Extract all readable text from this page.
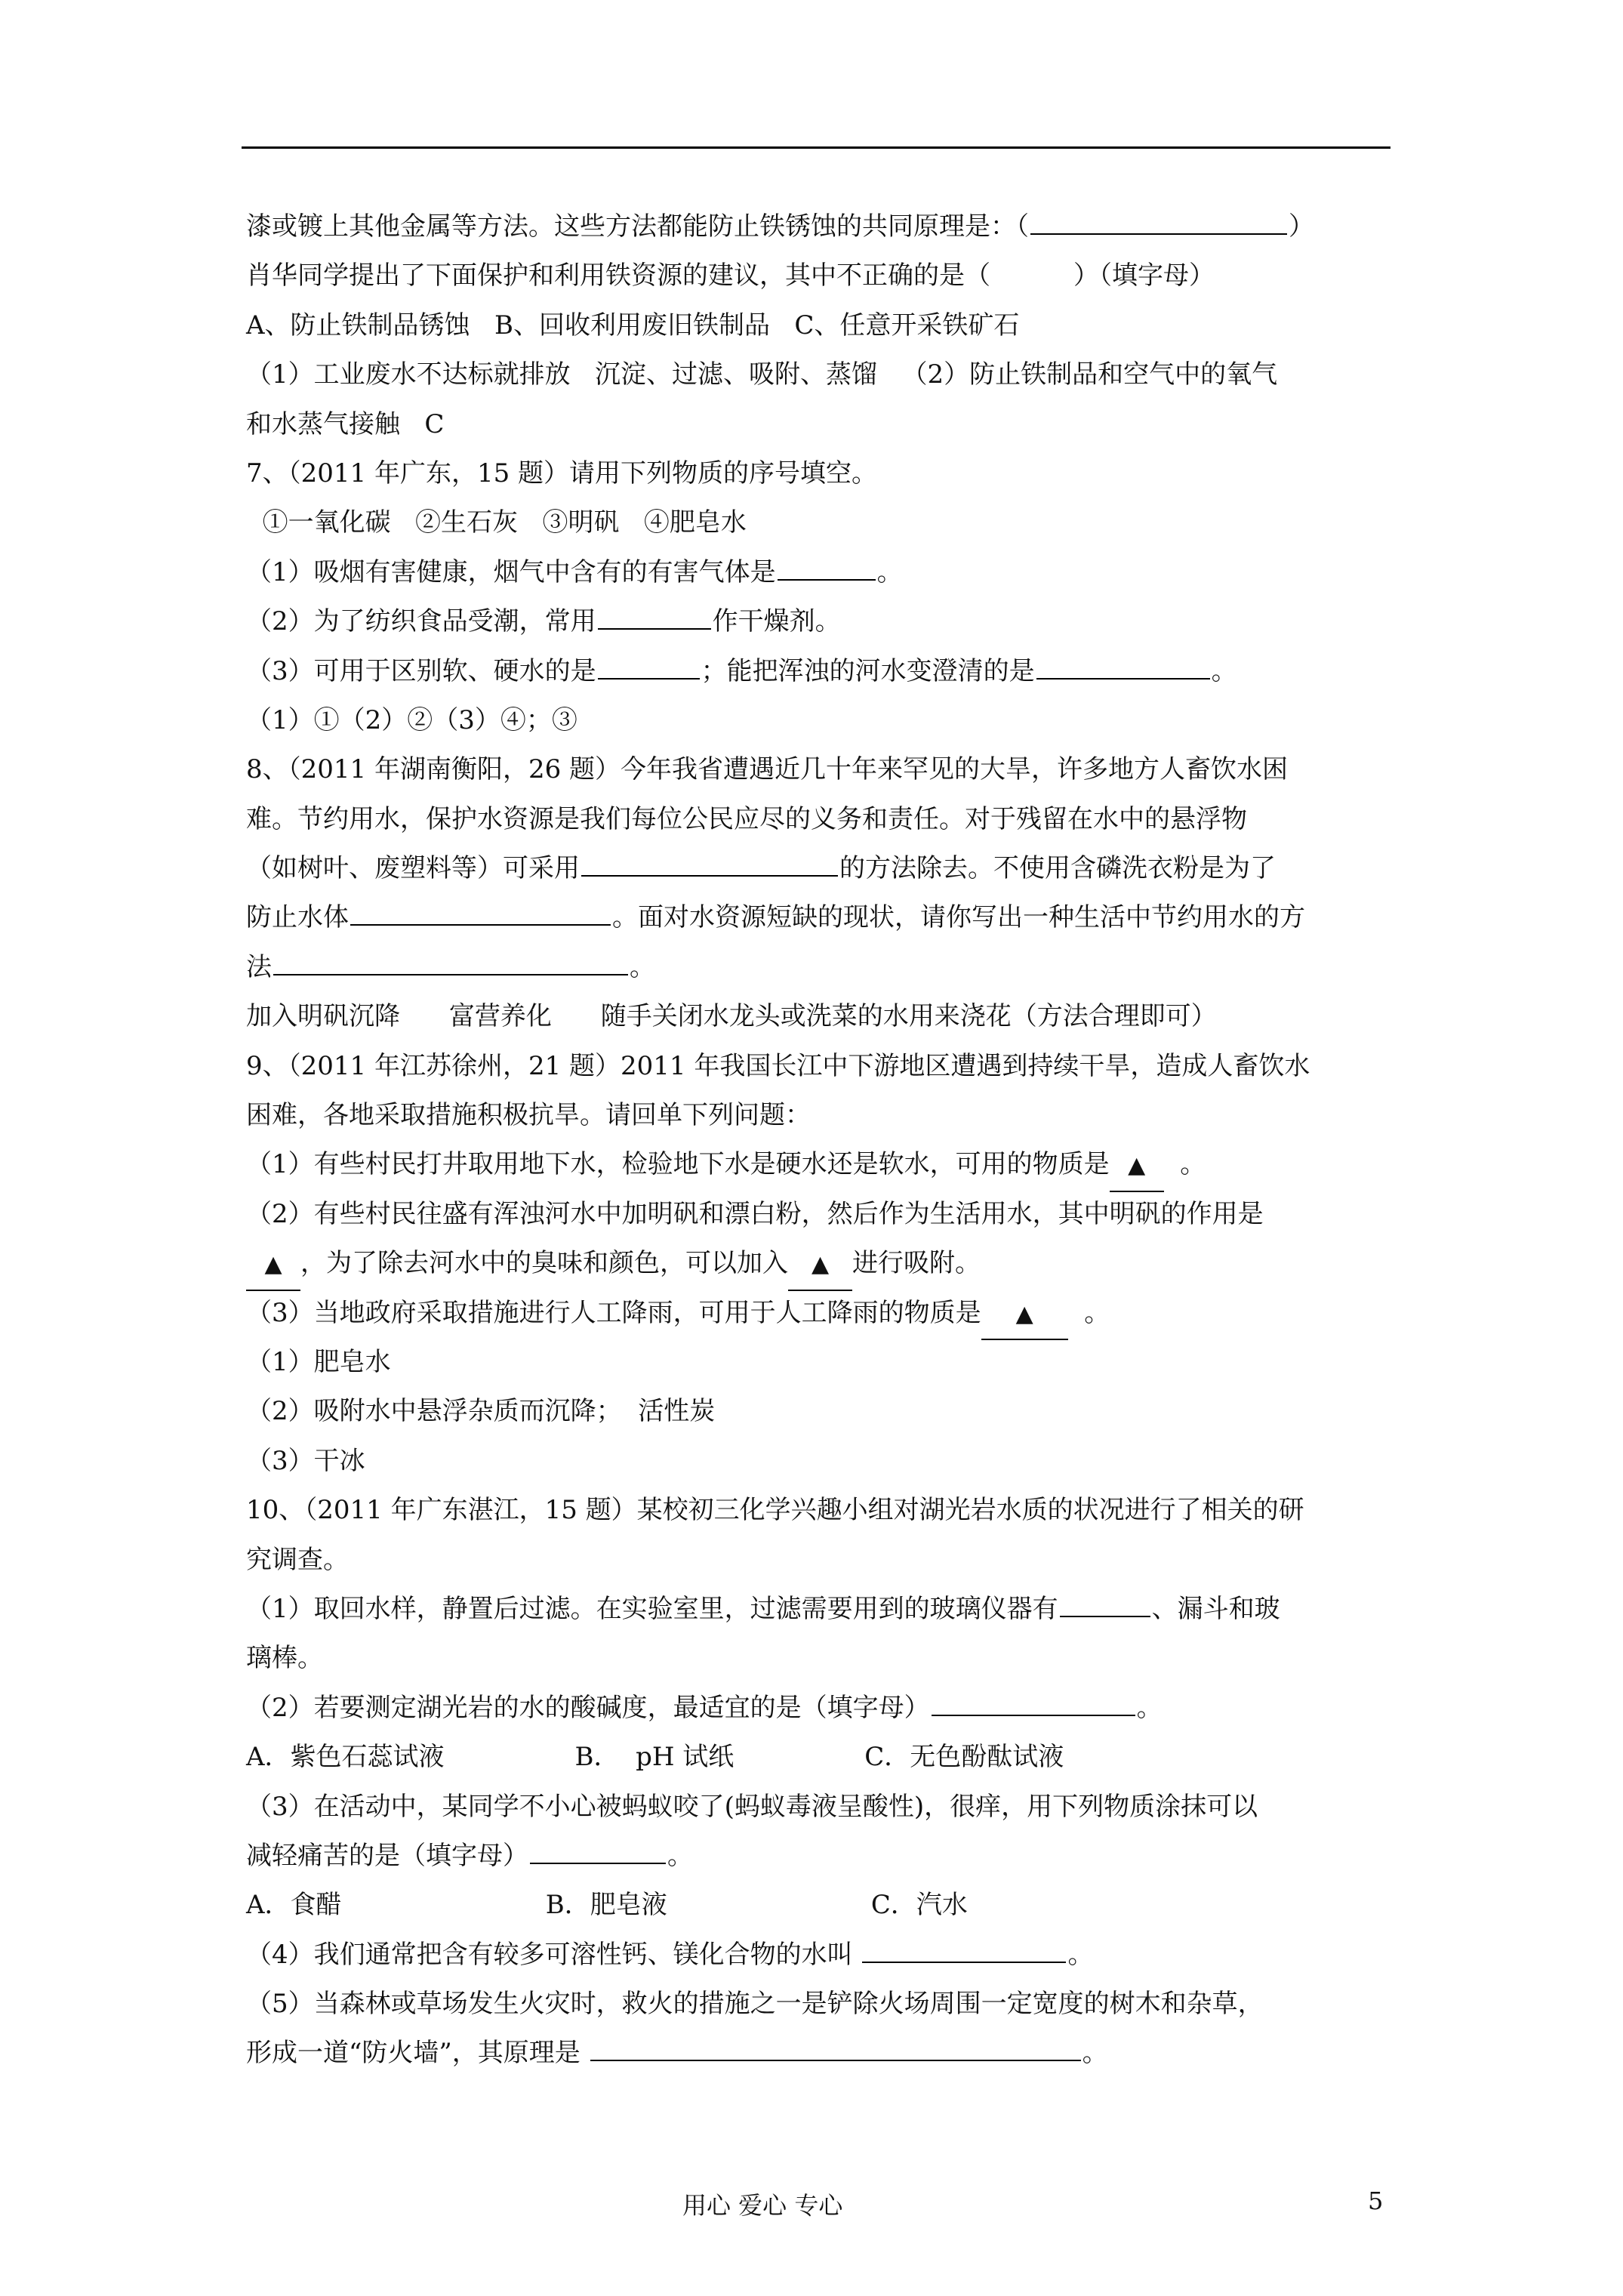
漆或镀上其他金属等方法。这些方法都能防止铁锈蚀的共同原理是：（	）
肖华同学提出了下面保护和利用铁资源的建议，其中不正确的是（	）（填字母）
A、防止铁制品锈蚀   B、回收利用废旧铁制品   C、任意开采铁矿石
（1）工业废水不达标就排放   沉淀、过滤、吸附、蒸馏   （2）防止铁制品和空气中的氧气
和水蒸气接触   C
7、（2011 年广东，15 题）请用下列物质的序号填空。
①一氧化碳   ②生石灰   ③明矾   ④肥皂水
（1）吸烟有害健康，烟气中含有的有害气体是	。
（2）为了纺织食品受潮，常用	作干燥剂。
（3）可用于区别软、硬水的是	；能把浑浊的河水变澄清的是	。
（1）①（2）②（3）④；③
8、（2011 年湖南衡阳，26 题）今年我省遭遇近几十年来罕见的大旱，许多地方人畜饮水困
难。节约用水，保护水资源是我们每位公民应尽的义务和责任。对于残留在水中的悬浮物
（如树叶、废塑料等）可采用	的方法除去。不使用含磷洗衣粉是为了
防止水体	。面对水资源短缺的现状，请你写出一种生活中节约用水的方
法	。
加入明矾沉降      富营养化      随手关闭水龙头或洗菜的水用来浇花（方法合理即可）
9、（2011 年江苏徐州，21 题）2011 年我国长江中下游地区遭遇到持续干旱，造成人畜饮水
困难，各地采取措施积极抗旱。请回单下列问题：
（1）有些村民打井取用地下水，检验地下水是硬水还是软水，可用的物质是 ▲  。
（2）有些村民往盛有浑浊河水中加明矾和漂白粉，然后作为生活用水，其中明矾的作用是
▲ ，为了除去河水中的臭味和颜色，可以加入 ▲ 进行吸附。
（3）当地政府采取措施进行人工降雨，可用于人工降雨的物质是 ▲  。
（1）肥皂水
（2）吸附水中悬浮杂质而沉降；  活性炭
（3）干冰
10、（2011 年广东湛江，15 题）某校初三化学兴趣小组对湖光岩水质的状况进行了相关的研
究调查。
（1）取回水样，静置后过滤。在实验室里，过滤需要用到的玻璃仪器有	、漏斗和玻
璃棒。
（2）若要测定湖光岩的水的酸碱度，最适宜的是（填字母）	。
A．紫色石蕊试液                B．  pH 试纸                C．无色酚酞试液
（3）在活动中，某同学不小心被蚂蚁咬了(蚂蚁毒液呈酸性)，很痒，用下列物质涂抹可以
减轻痛苦的是（填字母）	。
A．食醋                         B．肥皂液                         C．汽水
（4）我们通常把含有较多可溶性钙、镁化合物的水叫	。
（5）当森林或草场发生火灾时，救火的措施之一是铲除火场周围一定宽度的树木和杂草，
形成一道“防火墙”，其原理是	。
用心 爱心 专心	5
